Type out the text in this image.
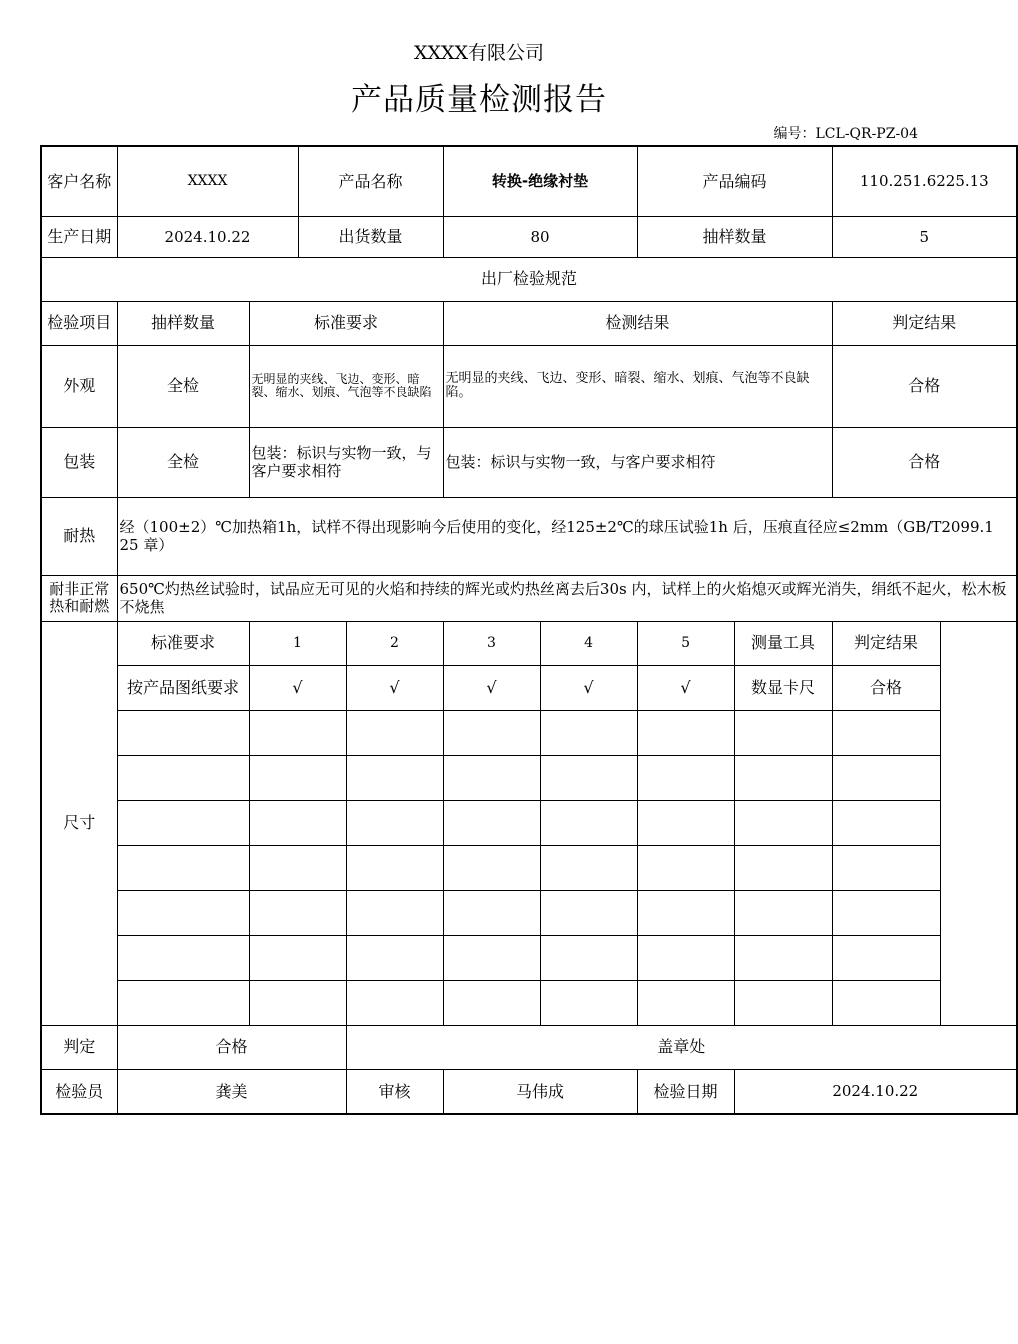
XXXX有限公司
产品质量检测报告
编号：LCL-QR-PZ-04
客户名称	XXXX		产品名称		转换-绝缘衬垫		产品编码		110.251.6225.13
生产日期	2024.10.22		出货数量		80		抽样数量		5
出厂检验规范									
检验项目	抽样数量	标准要求			检测结果				判定结果
外观	全检	无明显的夹线、飞边、变形、暗裂、缩水、划痕、气泡等不良缺陷			无明显的夹线、飞边、变形、暗裂、缩水、划痕、气泡等不良缺陷。				合格
包装	全检	包装：标识与实物一致，与客户要求相符			包装：标识与实物一致，与客户要求相符				合格
耐热	经（100±2）℃加热箱1h，试样不得出现影响今后使用的变化，经125±2℃的球压试验1h 后，压痕直径应≤2mm（GB/T2099.1 25 章）								
耐非正常热和耐燃	650℃灼热丝试验时，试品应无可见的火焰和持续的辉光或灼热丝离去后30s 内，试样上的火焰熄灭或辉光消失，绢纸不起火，松木板不烧焦								
尺寸	标准要求	1		2	3	4	5	测量工具	判定结果
	按产品图纸要求	√		√	√	√	√	数显卡尺	合格

判定	合格			盖章处					
检验员	龚美			审核	马伟成		检验日期	2024.10.22	
